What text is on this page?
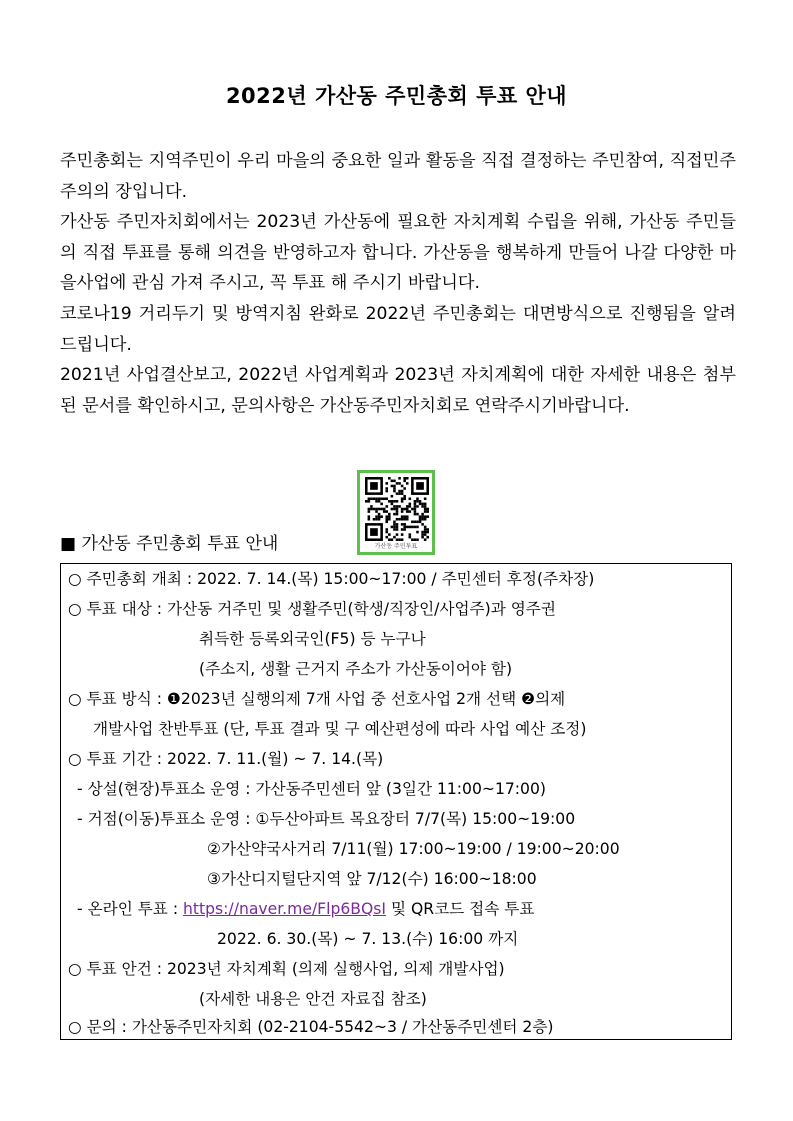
2022년 가산동 주민총회 투표 안내

주민총회는 지역주민이 우리 마을의 중요한 일과 활동을 직접 결정하는 주민참여, 직접민주주의의 장입니다.

가산동 주민자치회에서는 2023년 가산동에 필요한 자치계획 수립을 위해, 가산동 주민들의 직접 투표를 통해 의견을 반영하고자 합니다. 가산동을 행복하게 만들어 나갈 다양한 마을사업에 관심 가져 주시고, 꼭 투표 해 주시기 바랍니다.

코로나19 거리두기 및 방역지침 완화로 2022년 주민총회는 대면방식으로 진행됨을 알려드립니다.

2021년 사업결산보고, 2022년 사업계획과 2023년 자치계획에 대한 자세한 내용은 첨부된 문서를 확인하시고, 문의사항은 가산동주민자치회로 연락주시기바랍니다.

가산동 주민투표
■ 가산동 주민총회 투표 안내
○ 주민총회 개최 : 2022. 7. 14.(목) 15:00~17:00 / 주민센터 후정(주차장)
○ 투표 대상 : 가산동 거주민 및 생활주민(학생/직장인/사업주)과 영주권
취득한 등록외국인(F5) 등 누구나
(주소지, 생활 근거지 주소가 가산동이어야 함)
○ 투표 방식 : ❶2023년 실행의제 7개 사업 중 선호사업 2개 선택 ❷의제
개발사업 찬반투표 (단, 투표 결과 및 구 예산편성에 따라 사업 예산 조정)
○ 투표 기간 : 2022. 7. 11.(월) ~ 7. 14.(목)
- 상설(현장)투표소 운영 : 가산동주민센터 앞 (3일간 11:00~17:00)
- 거점(이동)투표소 운영 : ①두산아파트 목요장터 7/7(목) 15:00~19:00
②가산약국사거리 7/11(월) 17:00~19:00 / 19:00~20:00
③가산디지털단지역 앞 7/12(수) 16:00~18:00
- 온라인 투표 : https://naver.me/Flp6BQsI 및 QR코드 접속 투표
2022. 6. 30.(목) ~ 7. 13.(수) 16:00 까지
○ 투표 안건 : 2023년 자치계획 (의제 실행사업, 의제 개발사업)
(자세한 내용은 안건 자료집 참조)
○ 문의 : 가산동주민자치회 (02-2104-5542~3 / 가산동주민센터 2층)
